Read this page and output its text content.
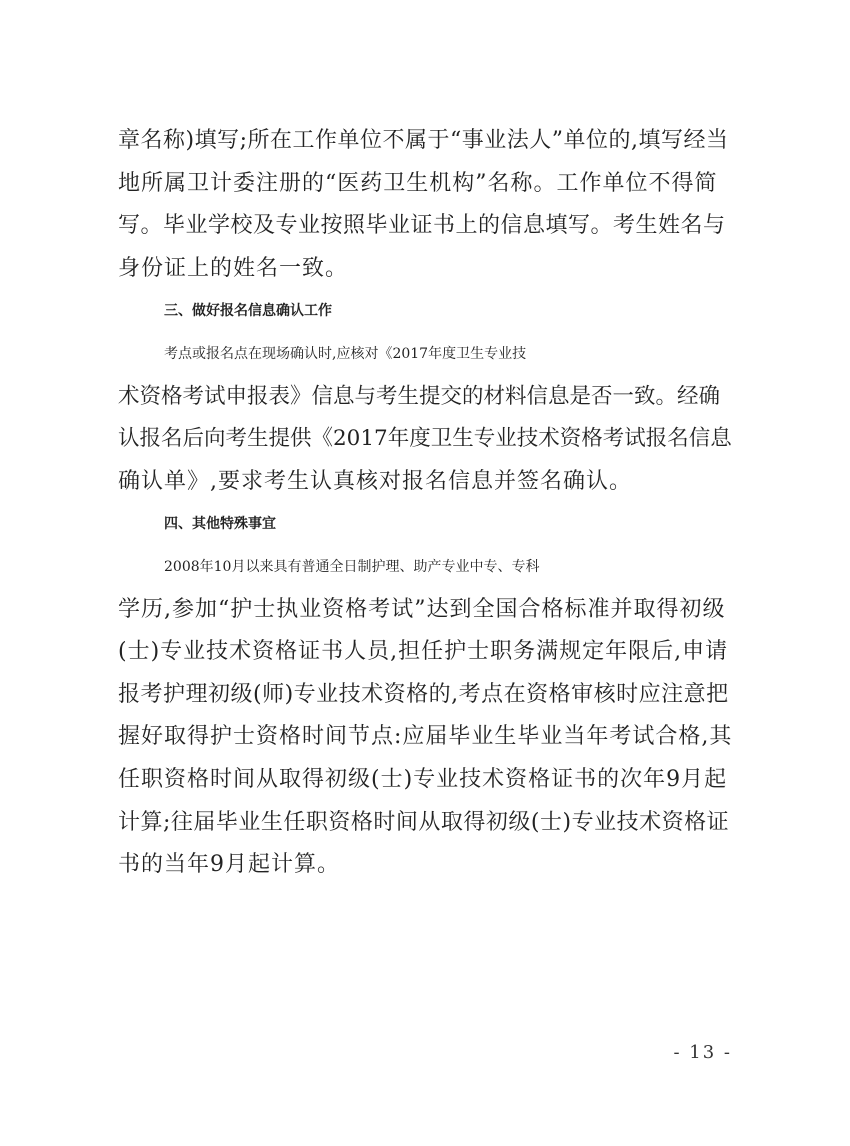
章名称)填写;所在工作单位不属于“事业法人”单位的,填写经当
地所属卫计委注册的“医药卫生机构”名称。工作单位不得简
写。毕业学校及专业按照毕业证书上的信息填写。考生姓名与
身份证上的姓名一致。
三、做好报名信息确认工作
考点或报名点在现场确认时,应核对《2017年度卫生专业技
术资格考试申报表》信息与考生提交的材料信息是否一致。经确
认报名后向考生提供《2017年度卫生专业技术资格考试报名信息
确认单》,要求考生认真核对报名信息并签名确认。
四、其他特殊事宜
2008年10月以来具有普通全日制护理、助产专业中专、专科
学历,参加“护士执业资格考试”达到全国合格标准并取得初级
(士)专业技术资格证书人员,担任护士职务满规定年限后,申请
报考护理初级(师)专业技术资格的,考点在资格审核时应注意把
握好取得护士资格时间节点:应届毕业生毕业当年考试合格,其
任职资格时间从取得初级(士)专业技术资格证书的次年9月起
计算;往届毕业生任职资格时间从取得初级(士)专业技术资格证
书的当年9月起计算。
- 13 -
